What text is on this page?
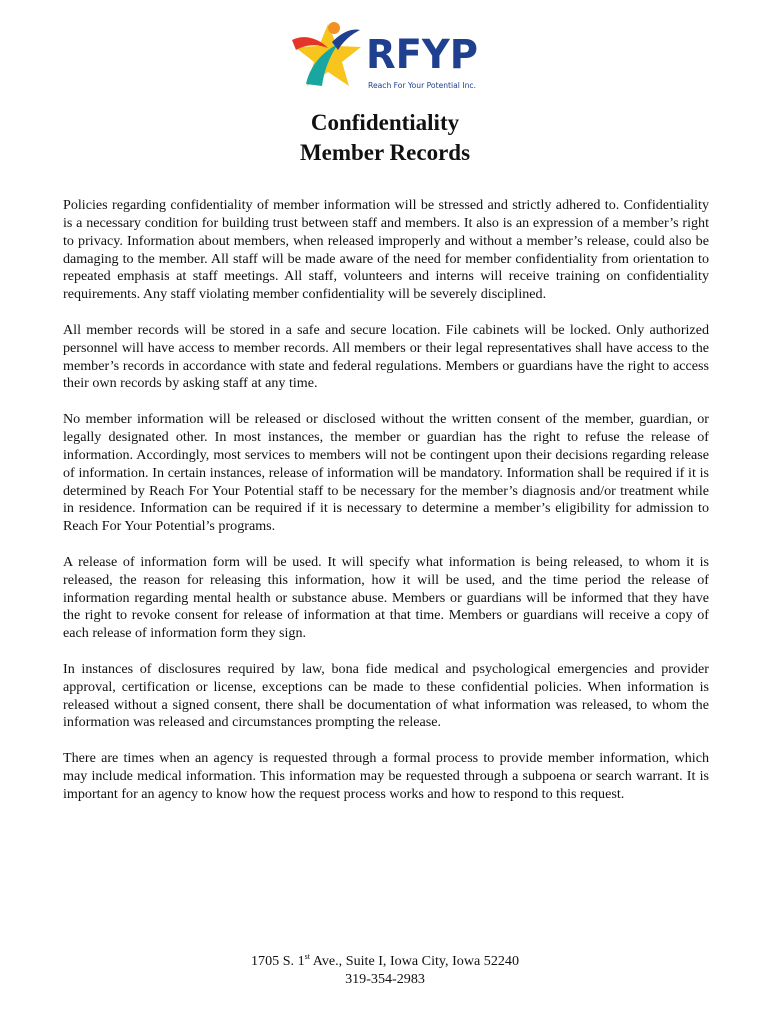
RFYP
Reach For Your Potential Inc.
Confidentiality
Member Records

Policies regarding confidentiality of member information will be stressed and strictly adhered to. Confidentiality is a necessary condition for building trust between staff and members. It also is an expression of a member’s right to privacy. Information about members, when released improperly and without a member’s release, could also be damaging to the member. All staff will be made aware of the need for member confidentiality from orientation to repeated emphasis at staff meetings. All staff, volunteers and interns will receive training on confidentiality requirements. Any staff violating member confidentiality will be severely disciplined.

All member records will be stored in a safe and secure location. File cabinets will be locked. Only authorized personnel will have access to member records. All members or their legal representatives shall have access to the member’s records in accordance with state and federal regulations. Members or guardians have the right to access their own records by asking staff at any time.

No member information will be released or disclosed without the written consent of the member, guardian, or legally designated other. In most instances, the member or guardian has the right to refuse the release of information. Accordingly, most services to members will not be contingent upon their decisions regarding release of information. In certain instances, release of information will be mandatory. Information shall be required if it is determined by Reach For Your Potential staff to be necessary for the member’s diagnosis and/or treatment while in residence. Information can be required if it is necessary to determine a member’s eligibility for admission to Reach For Your Potential’s programs.

A release of information form will be used. It will specify what information is being released, to whom it is released, the reason for releasing this information, how it will be used, and the time period the release of information regarding mental health or substance abuse. Members or guardians will be informed that they have the right to revoke consent for release of information at that time. Members or guardians will receive a copy of each release of information form they sign.

In instances of disclosures required by law, bona fide medical and psychological emergencies and provider approval, certification or license, exceptions can be made to these confidential policies. When information is released without a signed consent, there shall be documentation of what information was released, to whom the information was released and circumstances prompting the release.

There are times when an agency is requested through a formal process to provide member information, which may include medical information. This information may be requested through a subpoena or search warrant. It is important for an agency to know how the request process works and how to respond to this request.

1705 S. 1st Ave., Suite I, Iowa City, Iowa 52240
319-354-2983
